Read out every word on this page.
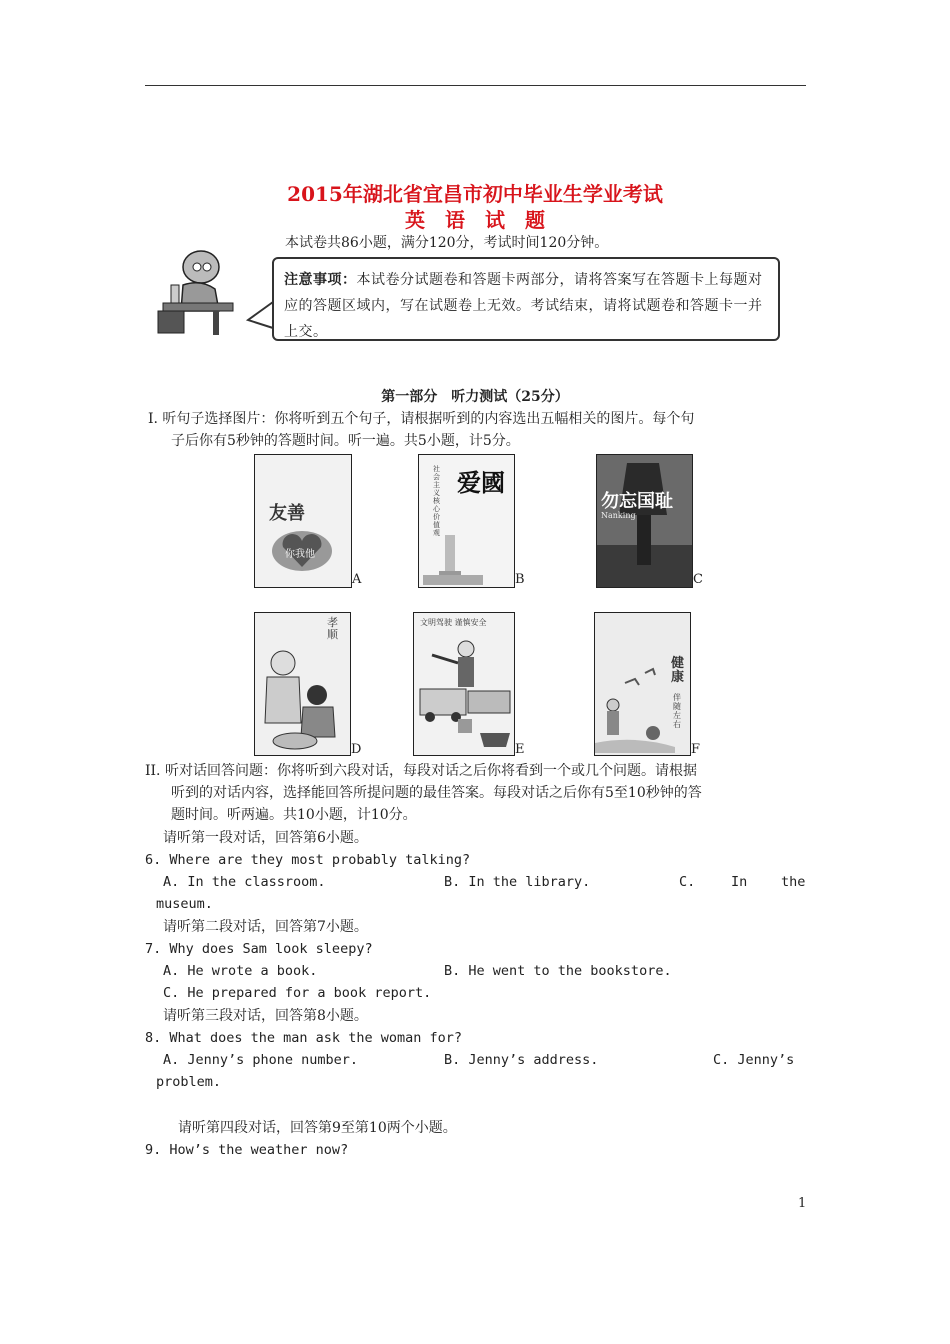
2015年湖北省宜昌市初中毕业生学业考试
英　语　试　题
本试卷共86小题，满分120分，考试时间120分钟。
注意事项：本试卷分试题卷和答题卡两部分，请将答案写在答题卡上每题对应的答题区域内，写在试题卷上无效。考试结束，请将试题卷和答题卡一并上交。
第一部分　听力测试（25分）
Ⅰ. 听句子选择图片：你将听到五个句子，请根据听到的内容选出五幅相关的图片。每个句
子后你有5秒钟的答题时间。听一遍。共5小题，计5分。
友善
你我他
A
爱國
社会主义核心价值观
B
勿忘国耻
Nanking
C
孝顺
D
文明驾驶 谨慎安全
E
健康
伴随左右
F
II. 听对话回答问题：你将听到六段对话，每段对话之后你将看到一个或几个问题。请根据
听到的对话内容，选择能回答所提问题的最佳答案。每段对话之后你有5至10秒钟的答
题时间。听两遍。共10小题，计10分。
请听第一段对话，回答第6小题。
6. Where are they most probably talking?
A. In the classroom.	B. In the library.	C.	In the
museum.
请听第二段对话，回答第7小题。
7. Why does Sam look sleepy?
A. He wrote a book.	B. He went to the bookstore.
C. He prepared for a book report.
请听第三段对话，回答第8小题。
8. What does the man ask the woman for?
A. Jenny’s phone number.	B. Jenny’s address.	C. Jenny’s
problem.
请听第四段对话，回答第9至第10两个小题。
9. How’s the weather now?
1
